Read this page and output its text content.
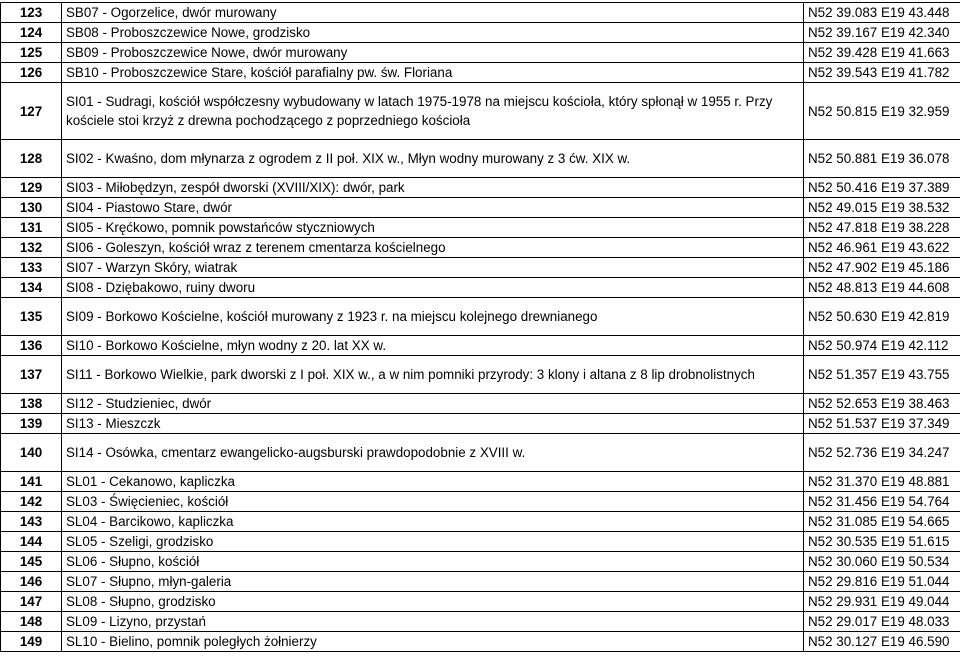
123	SB07 - Ogorzelice, dwór murowany	N52 39.083 E19 43.448
124	SB08 - Proboszczewice Nowe, grodzisko	N52 39.167 E19 42.340
125	SB09 - Proboszczewice Nowe, dwór murowany	N52 39.428 E19 41.663
126	SB10 - Proboszczewice Stare, kościół parafialny pw. św. Floriana	N52 39.543 E19 41.782
127	SI01 - Sudragi, kościół współczesny wybudowany w latach 1975-1978 na miejscu kościoła, który spłonął w 1955 r. Przy kościele stoi krzyż z drewna pochodzącego z poprzedniego kościoła	N52 50.815 E19 32.959
128	SI02 - Kwaśno, dom młynarza z ogrodem z II poł. XIX w., Młyn wodny murowany z 3 ćw. XIX w.	N52 50.881 E19 36.078
129	SI03 - Miłobędzyn, zespół dworski (XVIII/XIX): dwór, park	N52 50.416 E19 37.389
130	SI04 - Piastowo Stare, dwór	N52 49.015 E19 38.532
131	SI05 - Kręćkowo, pomnik powstańców styczniowych	N52 47.818 E19 38.228
132	SI06 - Goleszyn, kościół wraz z terenem cmentarza kościelnego	N52 46.961 E19 43.622
133	SI07 - Warzyn Skóry, wiatrak	N52 47.902 E19 45.186
134	SI08 - Dziębakowo, ruiny dworu	N52 48.813 E19 44.608
135	SI09 - Borkowo Kościelne, kościół murowany z 1923 r. na miejscu kolejnego drewnianego	N52 50.630 E19 42.819
136	SI10 - Borkowo Kościelne, młyn wodny z 20. lat XX w.	N52 50.974 E19 42.112
137	SI11 - Borkowo Wielkie, park dworski z I poł. XIX w., a w nim pomniki przyrody: 3 klony i altana z 8 lip drobnolistnych	N52 51.357 E19 43.755
138	SI12 - Studzieniec, dwór	N52 52.653 E19 38.463
139	SI13 - Mieszczk	N52 51.537 E19 37.349
140	SI14 - Osówka, cmentarz ewangelicko-augsburski prawdopodobnie z XVIII w.	N52 52.736 E19 34.247
141	SL01 - Cekanowo, kapliczka	N52 31.370 E19 48.881
142	SL03 - Święcieniec, kościół	N52 31.456 E19 54.764
143	SL04 - Barcikowo, kapliczka	N52 31.085 E19 54.665
144	SL05 - Szeligi, grodzisko	N52 30.535 E19 51.615
145	SL06 - Słupno, kościół	N52 30.060 E19 50.534
146	SL07 - Słupno, młyn-galeria	N52 29.816 E19 51.044
147	SL08 - Słupno, grodzisko	N52 29.931 E19 49.044
148	SL09 - Lizyno, przystań	N52 29.017 E19 48.033
149	SL10 - Bielino, pomnik poległych żołnierzy	N52 30.127 E19 46.590
